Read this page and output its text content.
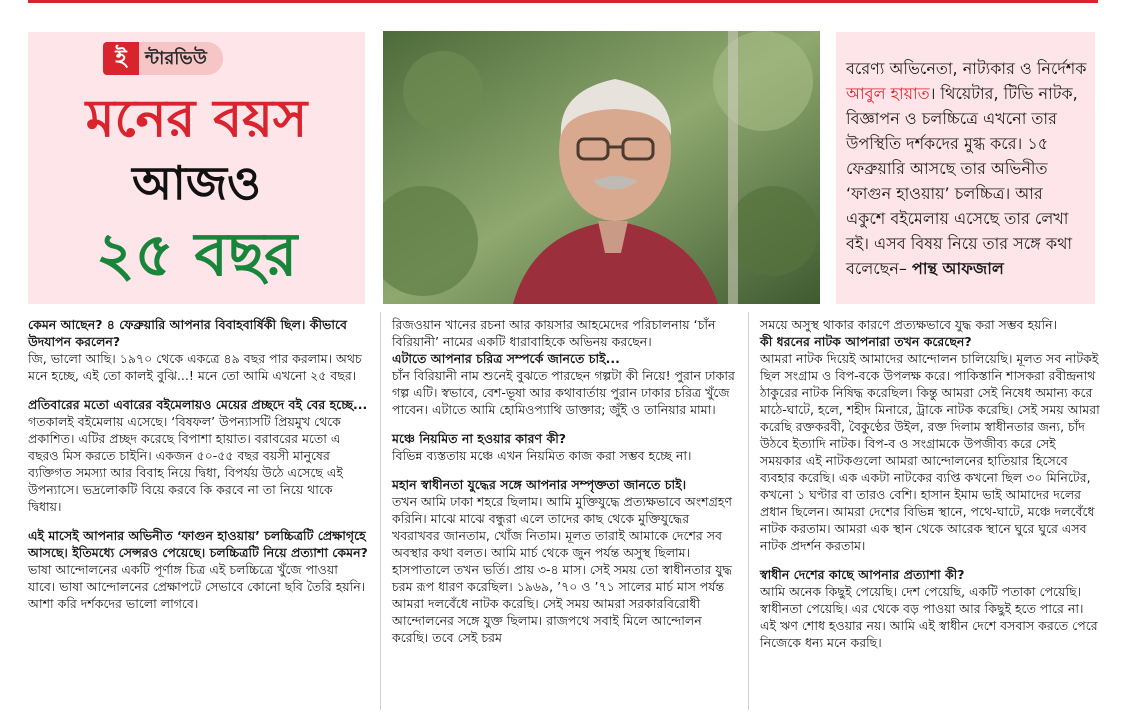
ই	ন্টারভিউ
মনের বয়স
আজও
২৫ বছর

বরেণ্য অভিনেতা, নাট্যকার ও নির্দেশক আবুল হায়াত। থিয়েটার, টিভি নাটক, বিজ্ঞাপন ও চলচ্চিত্রে এখনো তার উপস্থিতি দর্শকদের মুগ্ধ করে। ১৫ ফেব্রুয়ারি আসছে তার অভিনীত ‘ফাগুন হাওয়ায়’ চলচ্চিত্র। আর একুশে বইমেলায় এসেছে তার লেখা বই। এসব বিষয় নিয়ে তার সঙ্গে কথা বলেছেন– পান্থ আফজাল

কেমন আছেন? ৪ ফেব্রুয়ারি আপনার বিবাহবার্ষিকী ছিল। কীভাবে উদযাপন করলেন?

জি, ভালো আছি। ১৯৭০ থেকে একত্রে ৪৯ বছর পার করলাম। অথচ মনে হচ্ছে, এই তো কালই বুঝি...! মনে তো আমি এখনো ২৫ বছর।

প্রতিবারের মতো এবারের বইমেলায়ও মেয়ের প্রচ্ছদে বই বের হচ্ছে...

গতকালই বইমেলায় এসেছে। ‘বিষফল’ উপন্যাসটি প্রিয়মুখ থেকে প্রকাশিত। এটির প্রচ্ছদ করেছে বিপাশা হায়াত। বরাবরের মতো এ বছরও মিস করতে চাইনি। একজন ৫০-৫৫ বছর বয়সী মানুষের ব্যক্তিগত সমস্যা আর বিবাহ নিয়ে দ্বিধা, বিপর্যয় উঠে এসেছে এই উপন্যাসে। ভদ্রলোকটি বিয়ে করবে কি করবে না তা নিয়ে থাকে দ্বিধায়।

এই মাসেই আপনার অভিনীত ‘ফাগুন হাওয়ায়’ চলচ্চিত্রটি প্রেক্ষাগৃহে আসছে। ইতিমধ্যে সেন্সরও পেয়েছে। চলচ্চিত্রটি নিয়ে প্রত্যাশা কেমন?

ভাষা আন্দোলনের একটি পূর্ণাঙ্গ চিত্র এই চলচ্চিত্রে খুঁজে পাওয়া যাবে। ভাষা আন্দোলনের প্রেক্ষাপটে সেভাবে কোনো ছবি তৈরি হয়নি। আশা করি দর্শকদের ভালো লাগবে।

রিজওয়ান খানের রচনা আর কায়সার আহমেদের পরিচালনায় ‘চাঁন বিরিয়ানী’ নামের একটি ধারাবাহিকে অভিনয় করছেন।

এটাতে আপনার চরিত্র সম্পর্কে জানতে চাই...

চাঁন বিরিয়ানী নাম শুনেই বুঝতে পারছেন গল্পটা কী নিয়ে! পুরান ঢাকার গল্প এটি। স্বভাবে, বেশ-ভূষা আর কথাবার্তায় পুরান ঢাকার চরিত্র খুঁজে পাবেন। এটাতে আমি হোমিওপ্যাথি ডাক্তার; জুঁই ও তানিয়ার মামা।

মঞ্চে নিয়মিত না হওয়ার কারণ কী?

বিভিন্ন ব্যস্ততায় মঞ্চে এখন নিয়মিত কাজ করা সম্ভব হচ্ছে না।

মহান স্বাধীনতা যুদ্ধের সঙ্গে আপনার সম্পৃক্ততা জানতে চাই।

তখন আমি ঢাকা শহরে ছিলাম। আমি মুক্তিযুদ্ধে প্রত্যক্ষভাবে অংশগ্রহণ করিনি। মাঝে মাঝে বন্ধুরা এলে তাদের কাছ থেকে মুক্তিযুদ্ধের খবরাখবর জানতাম, খোঁজ নিতাম। মূলত তারাই আমাকে দেশের সব অবস্থার কথা বলত। আমি মার্চ থেকে জুন পর্যন্ত অসুস্থ ছিলাম। হাসপাতালে তখন ভর্তি। প্রায় ৩-৪ মাস। সেই সময় তো স্বাধীনতার যুদ্ধ চরম রূপ ধারণ করেছিল। ১৯৬৯, ’৭০ ও ’৭১ সালের মার্চ মাস পর্যন্ত আমরা দলবেঁধে নাটক করেছি। সেই সময় আমরা সরকারবিরোধী আন্দোলনের সঙ্গে যুক্ত ছিলাম। রাজপথে সবাই মিলে আন্দোলন করেছি। তবে সেই চরম

সময়ে অসুস্থ থাকার কারণে প্রত্যক্ষভাবে যুদ্ধ করা সম্ভব হয়নি।

কী ধরনের নাটক আপনারা তখন করেছেন?

আমরা নাটক দিয়েই আমাদের আন্দোলন চালিয়েছি। মূলত সব নাটকই ছিল সংগ্রাম ও বিপ-বকে উপলক্ষ করে। পাকিস্তানি শাসকরা রবীন্দ্রনাথ ঠাকুরের নাটক নিষিদ্ধ করেছিল। কিন্তু আমরা সেই নিষেধ অমান্য করে মাঠে-ঘাটে, হলে, শহীদ মিনারে, ট্রাকে নাটক করেছি। সেই সময় আমরা করেছি রক্তকরবী, বৈকুণ্ঠের উইল, রক্ত দিলাম স্বাধীনতার জন্য, চাঁদ উঠবে ইত্যাদি নাটক। বিপ-ব ও সংগ্রামকে উপজীব্য করে সেই সময়কার এই নাটকগুলো আমরা আন্দোলনের হাতিয়ার হিসেবে ব্যবহার করেছি। এক একটা নাটকের ব্যপ্তি কখনো ছিল ৩০ মিনিটের, কখনো ১ ঘণ্টার বা তারও বেশি। হাসান ইমাম ভাই আমাদের দলের প্রধান ছিলেন। আমরা দেশের বিভিন্ন স্থানে, পথে-ঘাটে, মঞ্চে দলবেঁধে নাটক করতাম। আমরা এক স্থান থেকে আরেক স্থানে ঘুরে ঘুরে এসব নাটক প্রদর্শন করতাম।

স্বাধীন দেশের কাছে আপনার প্রত্যাশা কী?

আমি অনেক কিছুই পেয়েছি। দেশ পেয়েছি, একটি পতাকা পেয়েছি। স্বাধীনতা পেয়েছি। এর থেকে বড় পাওয়া আর কিছুই হতে পারে না। এই ঋণ শোধ হওয়ার নয়। আমি এই স্বাধীন দেশে বসবাস করতে পেরে নিজেকে ধন্য মনে করছি।
